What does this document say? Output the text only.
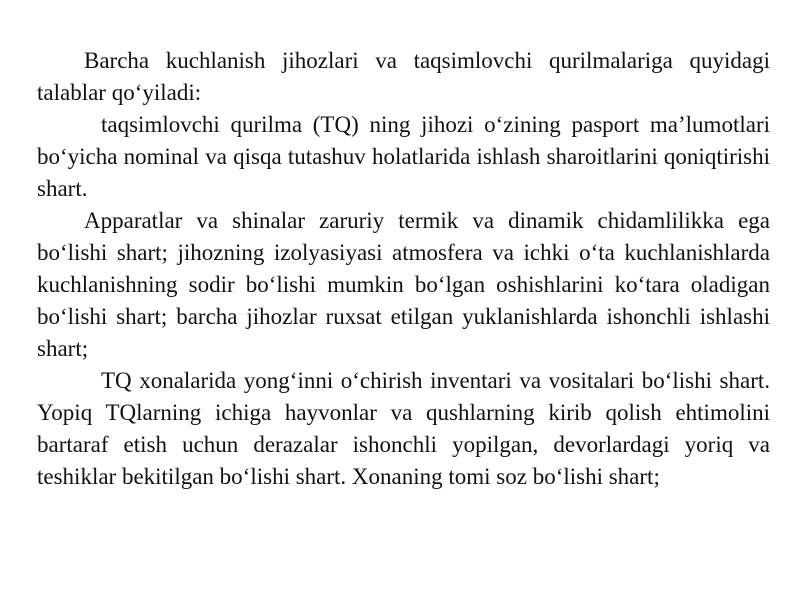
Barcha kuchlanish jihozlari va taqsimlovchi qurilmalariga quyidagi talablar qo‘yiladi:

taqsimlovchi qurilma (TQ) ning jihozi o‘zining pasport ma’lumotlari bo‘yicha nominal va qisqa tutashuv holatlarida ishlash sharoitlarini qoniqtirishi shart.

Apparatlar va shinalar zaruriy termik va dinamik chidamlilikka ega bo‘lishi shart; jihozning izolyasiyasi atmosfera va ichki o‘ta kuchlanishlarda kuchlanishning sodir bo‘lishi mumkin bo‘lgan oshishlarini ko‘tara oladigan bo‘lishi shart; barcha jihozlar ruxsat etilgan yuklanishlarda ishonchli ishlashi shart;

TQ xonalarida yong‘inni o‘chirish inventari va vositalari bo‘lishi shart. Yopiq TQlarning ichiga hayvonlar va qushlarning kirib qolish ehtimolini bartaraf etish uchun derazalar ishonchli yopilgan, devorlardagi yoriq va teshiklar bekitilgan bo‘lishi shart. Xonaning tomi soz bo‘lishi shart;
